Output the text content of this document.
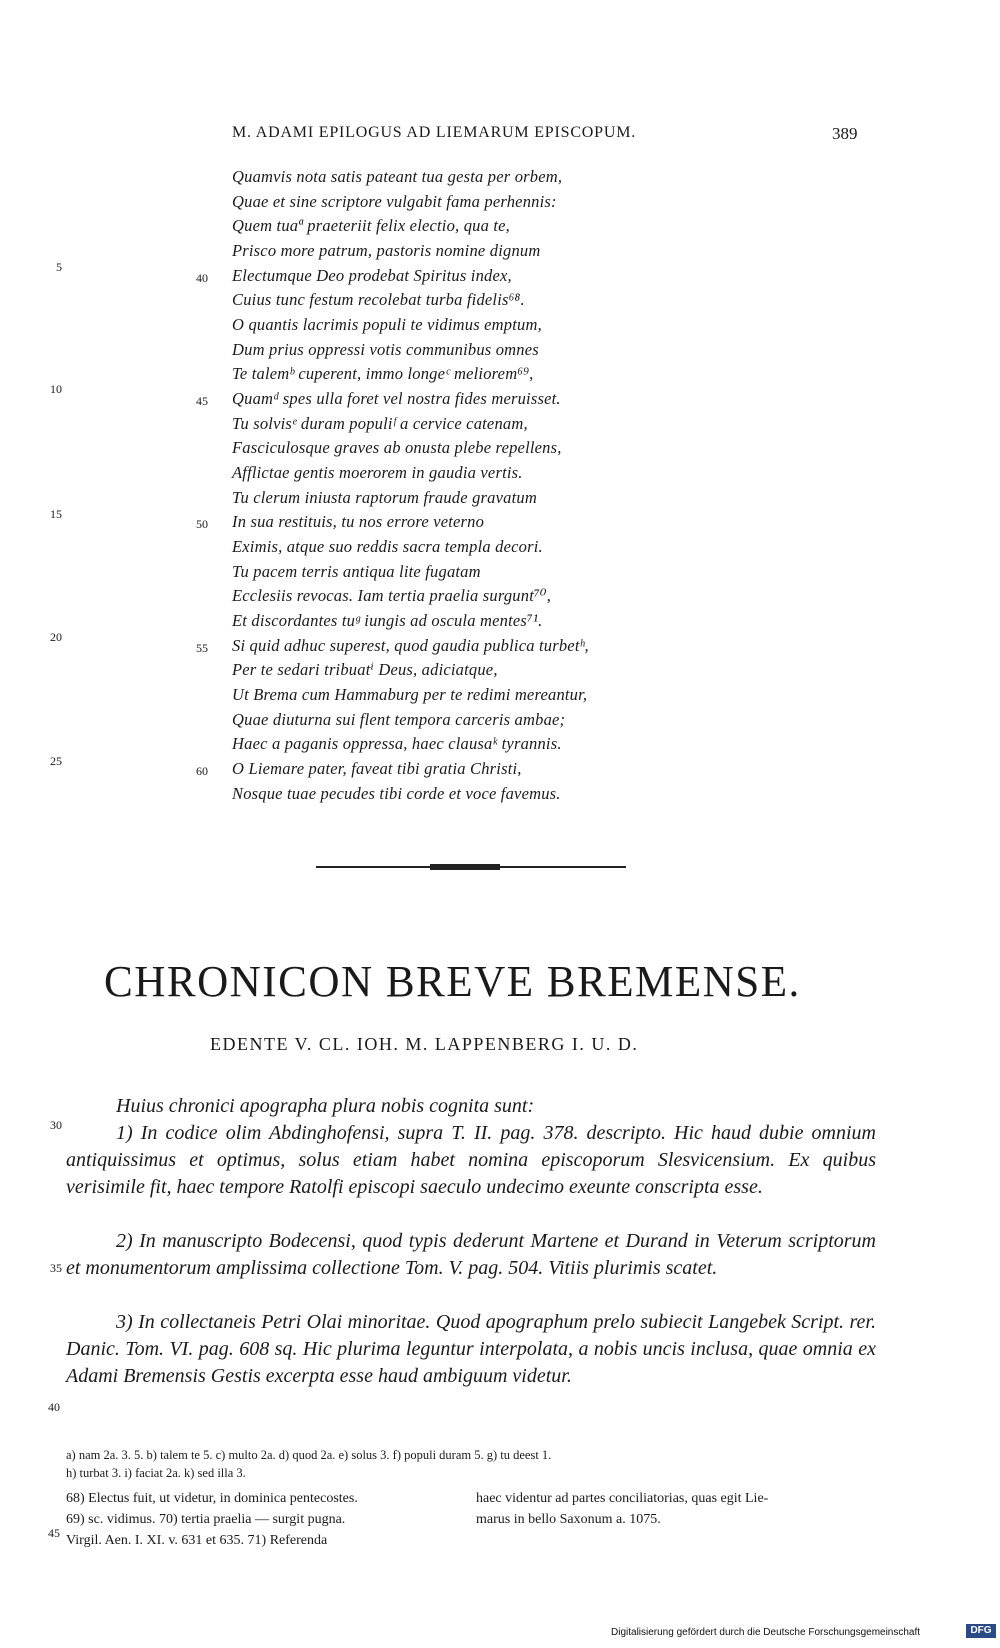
M. ADAMI EPILOGUS AD LIEMARUM EPISCOPUM.	389
Quamvis nota satis pateant tua gesta per orbem,
Quae et sine scriptore vulgabit fama perhennis:
Quem tuaª praeteriit felix electio, qua te,
Prisco more patrum, pastoris nomine dignum
Electumque Deo prodebat Spiritus index,
Cuius tunc festum recolebat turba fidelis⁶⁸.
O quantis lacrimis populi te vidimus emptum,
Dum prius oppressi votis communibus omnes
Te talemᵇ cuperent, immo longeᶜ meliorem⁶⁹,
Quamᵈ spes ulla foret vel nostra fides meruisset.
Tu solvisᵉ duram populiᶠ a cervice catenam,
Fasciculosque graves ab onusta plebe repellens,
Afflictae gentis moerorem in gaudia vertis.
Tu clerum iniusta raptorum fraude gravatum
In sua restituis, tu nos errore veterno
Eximis, atque suo reddis sacra templa decori.
Tu pacem terris antiqua lite fugatam
Ecclesiis revocas. Iam tertia praelia surgunt⁷⁰,
Et discordantes tuᵍ iungis ad oscula mentes⁷¹.
Si quid adhuc superest, quod gaudia publica turbetʰ,
Per te sedari tribuatⁱ Deus, adiciatque,
Ut Brema cum Hammaburg per te redimi mereantur,
Quae diuturna sui flent tempora carceris ambae;
Haec a paganis oppressa, haec clausaᵏ tyrannis.
O Liemare pater, faveat tibi gratia Christi,
Nosque tuae pecudes tibi corde et voce favemus.
40
45
50
55
60
5
10
15
20
25
30
35
40
45
CHRONICON BREVE BREMENSE.
EDENTE V. CL. IOH. M. LAPPENBERG I. U. D.
Huius chronici apographa plura nobis cognita sunt:
1) In codice olim Abdinghofensi, supra T. II. pag. 378. descripto. Hic haud dubie omnium antiquissimus et optimus, solus etiam habet nomina episcoporum Slesvicensium. Ex quibus verisimile fit, haec tempore Ratolfi episcopi saeculo undecimo exeunte conscripta esse.
2) In manuscripto Bodecensi, quod typis dederunt Martene et Durand in Veterum scriptorum et monumentorum amplissima collectione Tom. V. pag. 504. Vitiis plurimis scatet.
3) In collectaneis Petri Olai minoritae. Quod apographum prelo subiecit Langebek Script. rer. Danic. Tom. VI. pag. 608 sq. Hic plurima leguntur interpolata, a nobis uncis inclusa, quae omnia ex Adami Bremensis Gestis excerpta esse haud ambiguum videtur.
a) nam 2a. 3. 5. b) talem te 5. c) multo 2a. d) quod 2a. e) solus 3. f) populi duram 5. g) tu deest 1.
h) turbat 3. i) faciat 2a. k) sed illa 3.
68) Electus fuit, ut videtur, in dominica pentecostes.
69) sc. vidimus. 70) tertia praelia — surgit pugna.
Virgil. Aen. I. XI. v. 631 et 635. 71) Referenda
haec videntur ad partes conciliatorias, quas egit Lie-
marus in bello Saxonum a. 1075.
Digitalisierung gefördert durch die Deutsche Forschungsgemeinschaft	DFG
